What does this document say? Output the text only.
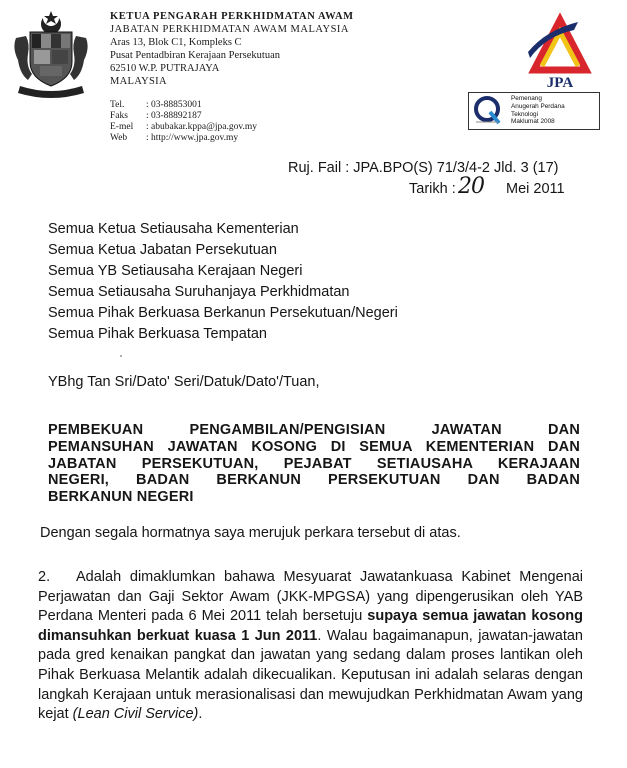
KETUA PENGARAH PERKHIDMATAN AWAM
JABATAN PERKHIDMATAN AWAM MALAYSIA
Aras 13, Blok C1, Kompleks C
Pusat Pentadbiran Kerajaan Persekutuan
62510 W.P. PUTRAJAYA
MALAYSIA
Tel. : 03-88853001
Faks : 03-88892187
E-mel : abubakar.kppa@jpa.gov.my
Web : http://www.jpa.gov.my
JPA
Pemenang
Anugerah Perdana
Teknologi
Maklumat 2008
Ruj. Fail : JPA.BPO(S) 71/3/4-2 Jld. 3 (17)
Tarikh : 20 Mei 2011
Semua Ketua Setiausaha Kementerian
Semua Ketua Jabatan Persekutuan
Semua YB Setiausaha Kerajaan Negeri
Semua Setiausaha Suruhanjaya Perkhidmatan
Semua Pihak Berkuasa Berkanun Persekutuan/Negeri
Semua Pihak Berkuasa Tempatan
YBhg Tan Sri/Dato' Seri/Datuk/Dato'/Tuan,
PEMBEKUAN PENGAMBILAN/PENGISIAN JAWATAN DAN
PEMANSUHAN JAWATAN KOSONG DI SEMUA KEMENTERIAN DAN
JABATAN PERSEKUTUAN, PEJABAT SETIAUSAHA KERAJAAN
NEGERI, BADAN BERKANUN PERSEKUTUAN DAN BADAN
BERKANUN NEGERI
Dengan segala hormatnya saya merujuk perkara tersebut di atas.
2. Adalah dimaklumkan bahawa Mesyuarat Jawatankuasa Kabinet Mengenai Perjawatan dan Gaji Sektor Awam (JKK-MPGSA) yang dipengerusikan oleh YAB Perdana Menteri pada 6 Mei 2011 telah bersetuju supaya semua jawatan kosong dimansuhkan berkuat kuasa 1 Jun 2011. Walau bagaimanapun, jawatan-jawatan pada gred kenaikan pangkat dan jawatan yang sedang dalam proses lantikan oleh Pihak Berkuasa Melantik adalah dikecualikan. Keputusan ini adalah selaras dengan langkah Kerajaan untuk merasionalisasi dan mewujudkan Perkhidmatan Awam yang kejat (Lean Civil Service).
